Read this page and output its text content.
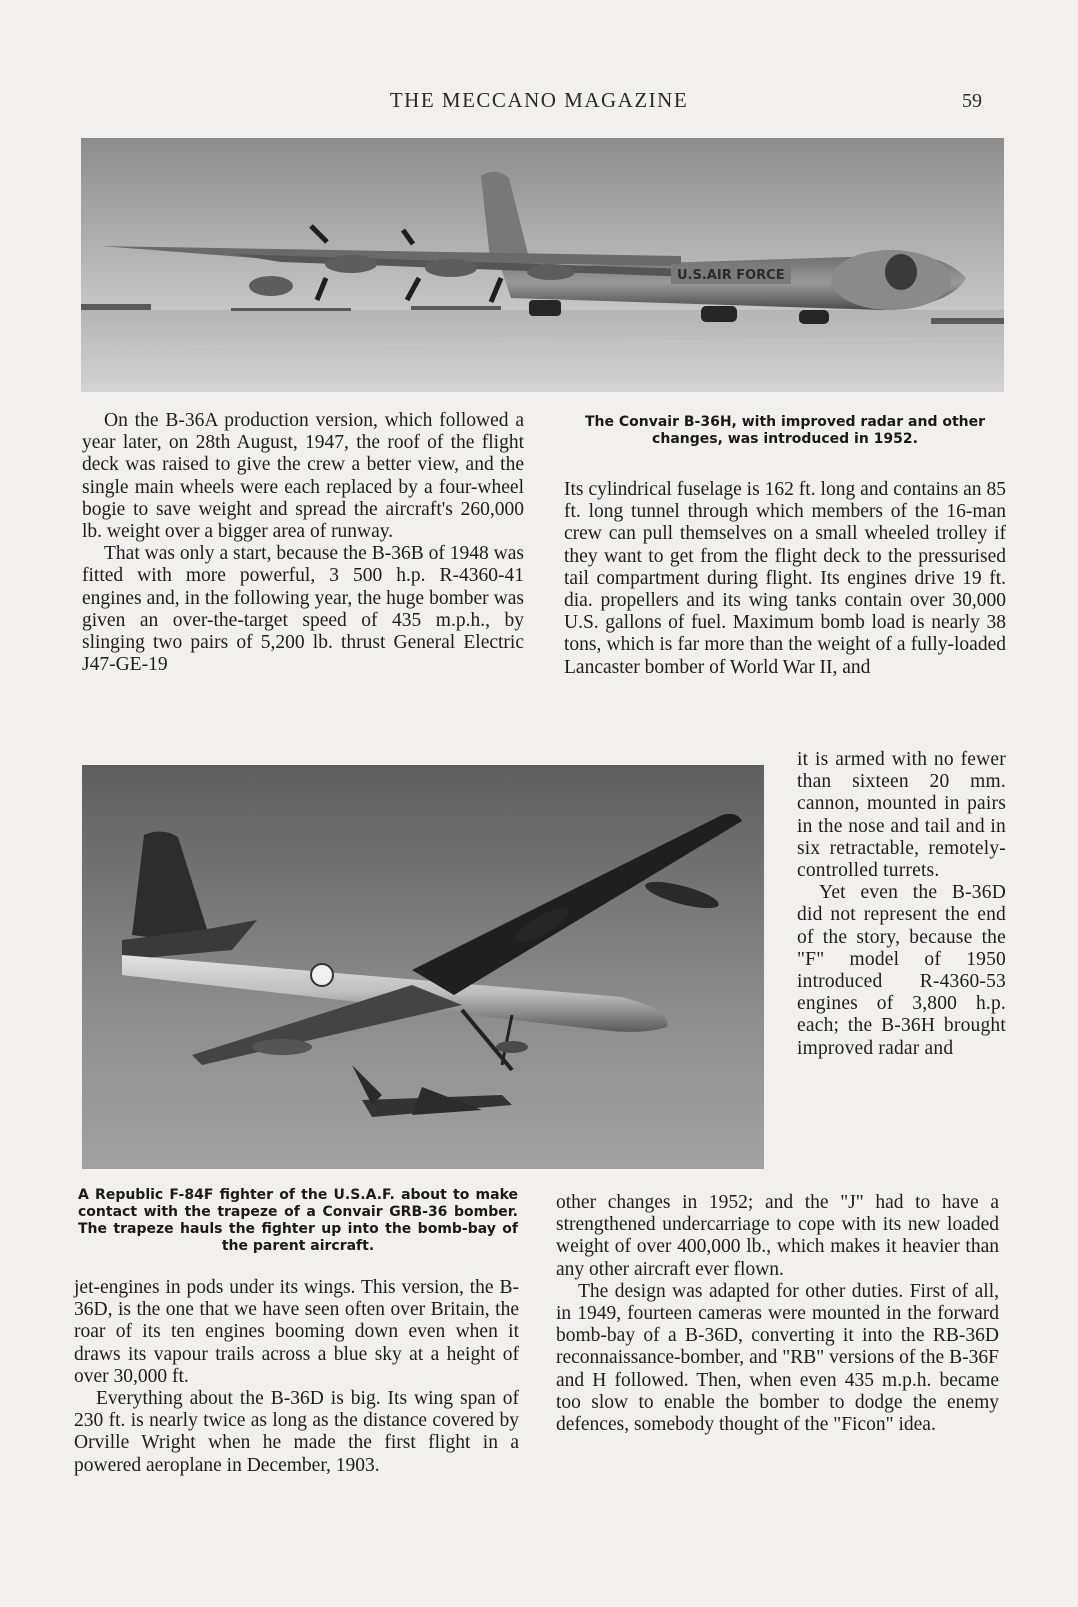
THE MECCANO MAGAZINE	59
U.S.AIR FORCE
The Convair B-36H, with improved radar and other changes, was introduced in 1952.

On the B-36A production version, which followed a year later, on 28th August, 1947, the roof of the flight deck was raised to give the crew a better view, and the single main wheels were each replaced by a four-wheel bogie to save weight and spread the aircraft's 260,000 lb. weight over a bigger area of runway.

That was only a start, because the B-36B of 1948 was fitted with more powerful, 3 500 h.p. R-4360-41 engines and, in the following year, the huge bomber was given an over-the-target speed of 435 m.p.h., by slinging two pairs of 5,200 lb. thrust General Electric J47-GE-19

Its cylindrical fuselage is 162 ft. long and contains an 85 ft. long tunnel through which members of the 16-man crew can pull themselves on a small wheeled trolley if they want to get from the flight deck to the pressurised tail compartment during flight. Its engines drive 19 ft. dia. propellers and its wing tanks contain over 30,000 U.S. gallons of fuel. Maximum bomb load is nearly 38 tons, which is far more than the weight of a fully-loaded Lancaster bomber of World War II, and

it is armed with no fewer than sixteen 20 mm. cannon, mounted in pairs in the nose and tail and in six retractable, remotely-controlled turrets.

Yet even the B-36D did not represent the end of the story, because the "F" model of 1950 introduced R-4360-53 engines of 3,800 h.p. each; the B-36H brought improved radar and

A Republic F-84F fighter of the U.S.A.F. about to make contact with the trapeze of a Convair GRB-36 bomber. The trapeze hauls the fighter up into the bomb-bay of the parent aircraft.

other changes in 1952; and the "J" had to have a strengthened undercarriage to cope with its new loaded weight of over 400,000 lb., which makes it heavier than any other aircraft ever flown.

The design was adapted for other duties. First of all, in 1949, fourteen cameras were mounted in the forward bomb-bay of a B-36D, converting it into the RB-36D reconnaissance-bomber, and "RB" versions of the B-36F and H followed. Then, when even 435 m.p.h. became too slow to enable the bomber to dodge the enemy defences, somebody thought of the "Ficon" idea.

jet-engines in pods under its wings. This version, the B-36D, is the one that we have seen often over Britain, the roar of its ten engines booming down even when it draws its vapour trails across a blue sky at a height of over 30,000 ft.

Everything about the B-36D is big. Its wing span of 230 ft. is nearly twice as long as the distance covered by Orville Wright when he made the first flight in a powered aeroplane in December, 1903.
